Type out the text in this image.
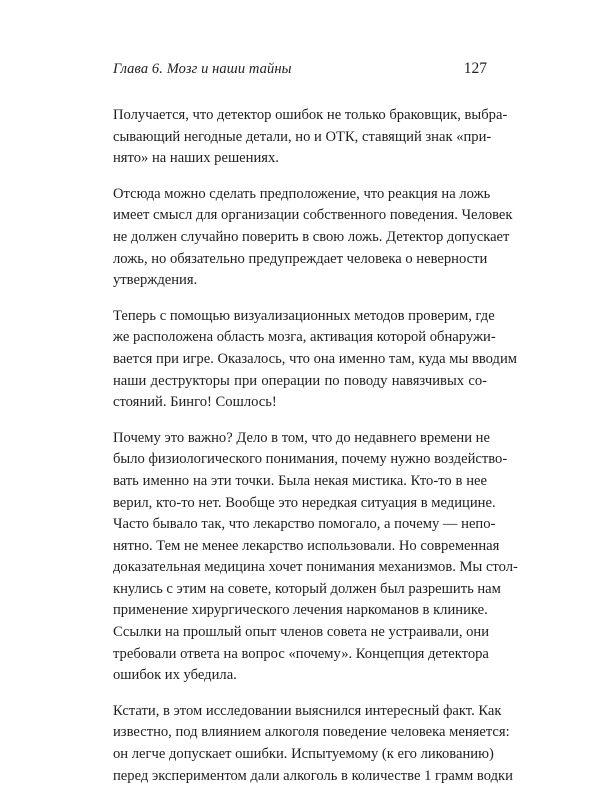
Глава 6. Мозг и наши тайны	127

Получается, что детектор ошибок не только браковщик, выбра-
сывающий негодные детали, но и ОТК, ставящий знак «при-
нято» на наших решениях.

Отсюда можно сделать предположение, что реакция на ложь
имеет смысл для организации собственного поведения. Человек
не должен случайно поверить в свою ложь. Детектор допускает
ложь, но обязательно предупреждает человека о неверности
утверждения.

Теперь с помощью визуализационных методов проверим, где
же расположена область мозга, активация которой обнаружи-
вается при игре. Оказалось, что она именно там, куда мы вводим
наши деструкторы при операции по поводу навязчивых со-
стояний. Бинго! Сошлось!

Почему это важно? Дело в том, что до недавнего времени не
было физиологического понимания, почему нужно воздейство-
вать именно на эти точки. Была некая мистика. Кто-то в нее
верил, кто-то нет. Вообще это нередкая ситуация в медицине.
Часто бывало так, что лекарство помогало, а почему — непо-
нятно. Тем не менее лекарство использовали. Но современная
доказательная медицина хочет понимания механизмов. Мы стол-
кнулись с этим на совете, который должен был разрешить нам
применение хирургического лечения наркоманов в клинике.
Ссылки на прошлый опыт членов совета не устраивали, они
требовали ответа на вопрос «почему». Концепция детектора
ошибок их убедила.

Кстати, в этом исследовании выяснился интересный факт. Как
известно, под влиянием алкоголя поведение человека меняется:
он легче допускает ошибки. Испытуемому (к его ликованию)
перед экспериментом дали алкоголь в количестве 1 грамм водки
